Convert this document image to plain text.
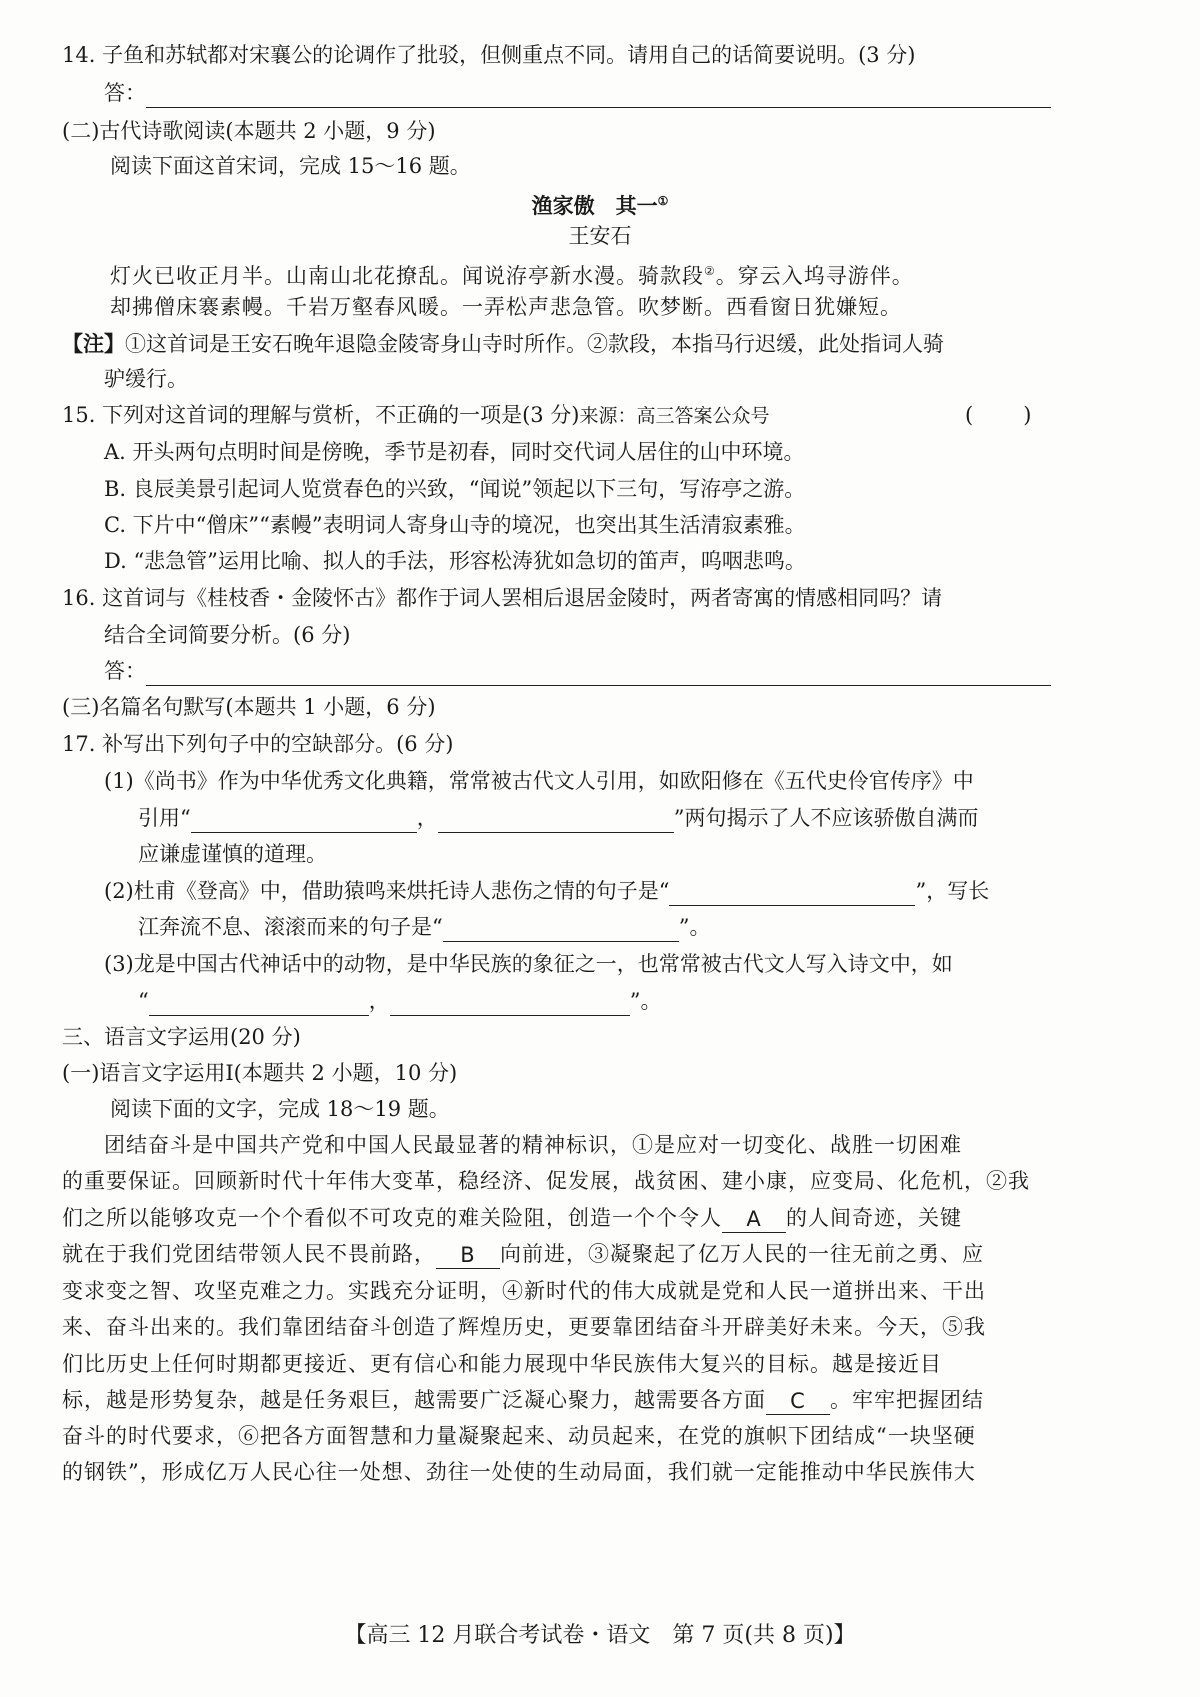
14. 子鱼和苏轼都对宋襄公的论调作了批驳，但侧重点不同。请用自己的话简要说明。(3 分)
答：
(二)古代诗歌阅读(本题共 2 小题，9 分)
阅读下面这首宋词，完成 15～16 题。
渔家傲　其一①
王安石
灯火已收正月半。山南山北花撩乱。闻说洊亭新水漫。骑款段②。穿云入坞寻游伴。
却拂僧床褰素幔。千岩万壑春风暖。一弄松声悲急管。吹梦断。西看窗日犹嫌短。
【注】①这首词是王安石晚年退隐金陵寄身山寺时所作。②款段，本指马行迟缓，此处指词人骑
驴缓行。
15. 下列对这首词的理解与赏析，不正确的一项是(3 分)来源：高三答案公众号	( )
A. 开头两句点明时间是傍晚，季节是初春，同时交代词人居住的山中环境。
B. 良辰美景引起词人览赏春色的兴致，“闻说”领起以下三句，写洊亭之游。
C. 下片中“僧床”“素幔”表明词人寄身山寺的境况，也突出其生活清寂素雅。
D. “悲急管”运用比喻、拟人的手法，形容松涛犹如急切的笛声，呜咽悲鸣。
16. 这首词与《桂枝香・金陵怀古》都作于词人罢相后退居金陵时，两者寄寓的情感相同吗？请
结合全词简要分析。(6 分)
答：
(三)名篇名句默写(本题共 1 小题，6 分)
17. 补写出下列句子中的空缺部分。(6 分)
(1)《尚书》作为中华优秀文化典籍，常常被古代文人引用，如欧阳修在《五代史伶官传序》中
引用“	，	”两句揭示了人不应该骄傲自满而
应谦虚谨慎的道理。
(2)杜甫《登高》中，借助猿鸣来烘托诗人悲伤之情的句子是“	”，写长
江奔流不息、滚滚而来的句子是“	”。
(3)龙是中国古代神话中的动物，是中华民族的象征之一，也常常被古代文人写入诗文中，如
“	，	”。
三、语言文字运用(20 分)
(一)语言文字运用Ⅰ(本题共 2 小题，10 分)
阅读下面的文字，完成 18～19 题。
团结奋斗是中国共产党和中国人民最显著的精神标识，①是应对一切变化、战胜一切困难
的重要保证。回顾新时代十年伟大变革，稳经济、促发展，战贫困、建小康，应变局、化危机，②我
们之所以能够攻克一个个看似不可攻克的难关险阻，创造一个个令人 A 的人间奇迹，关键
就在于我们党团结带领人民不畏前路， B 向前进，③凝聚起了亿万人民的一往无前之勇、应
变求变之智、攻坚克难之力。实践充分证明，④新时代的伟大成就是党和人民一道拼出来、干出
来、奋斗出来的。我们靠团结奋斗创造了辉煌历史，更要靠团结奋斗开辟美好未来。今天，⑤我
们比历史上任何时期都更接近、更有信心和能力展现中华民族伟大复兴的目标。越是接近目
标，越是形势复杂，越是任务艰巨，越需要广泛凝心聚力，越需要各方面 C 。牢牢把握团结
奋斗的时代要求，⑥把各方面智慧和力量凝聚起来、动员起来，在党的旗帜下团结成“一块坚硬
的钢铁”，形成亿万人民心往一处想、劲往一处使的生动局面，我们就一定能推动中华民族伟大
【高三 12 月联合考试卷・语文　第 7 页(共 8 页)】
